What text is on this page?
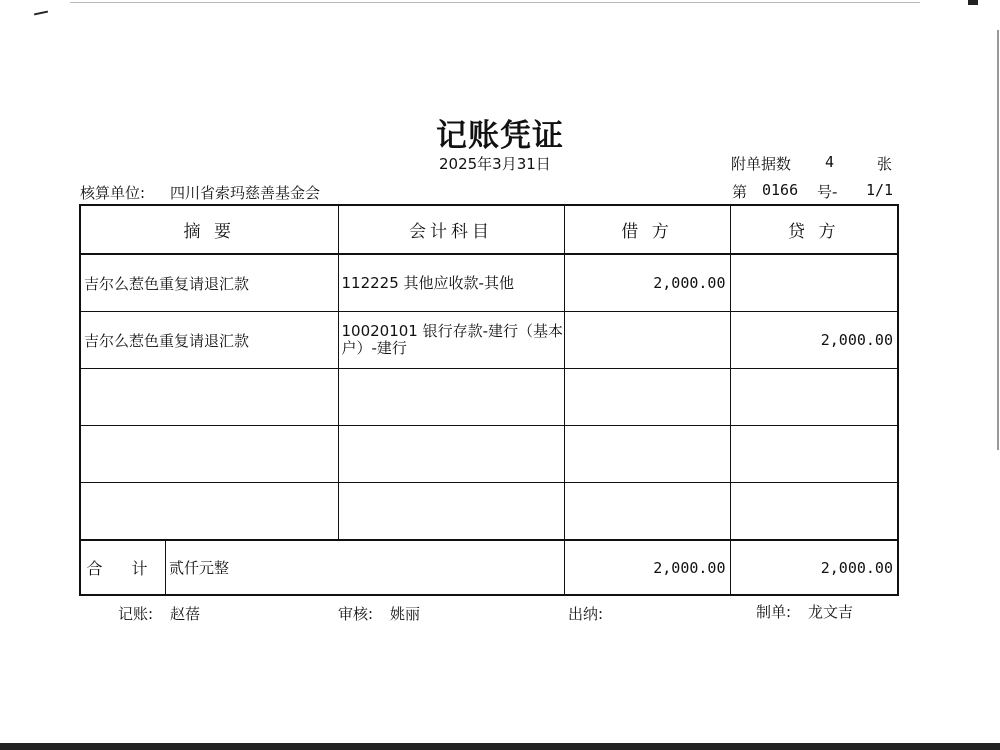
记账凭证
2025年3月31日	附单据数 4	张
核算单位: 四川省索玛慈善基金会	第 0166 号- 1/1
摘 要	会计科目	借 方	贷 方
吉尔么惹色重复请退汇款	112225 其他应收款-其他	2,000.00	
吉尔么惹色重复请退汇款	10020101 银行存款-建行（基本户）-建行		2,000.00

合 计 贰仟元整		2,000.00	2,000.00
记账: 赵蓓	审核: 姚丽	出纳:	制单: 龙文吉
